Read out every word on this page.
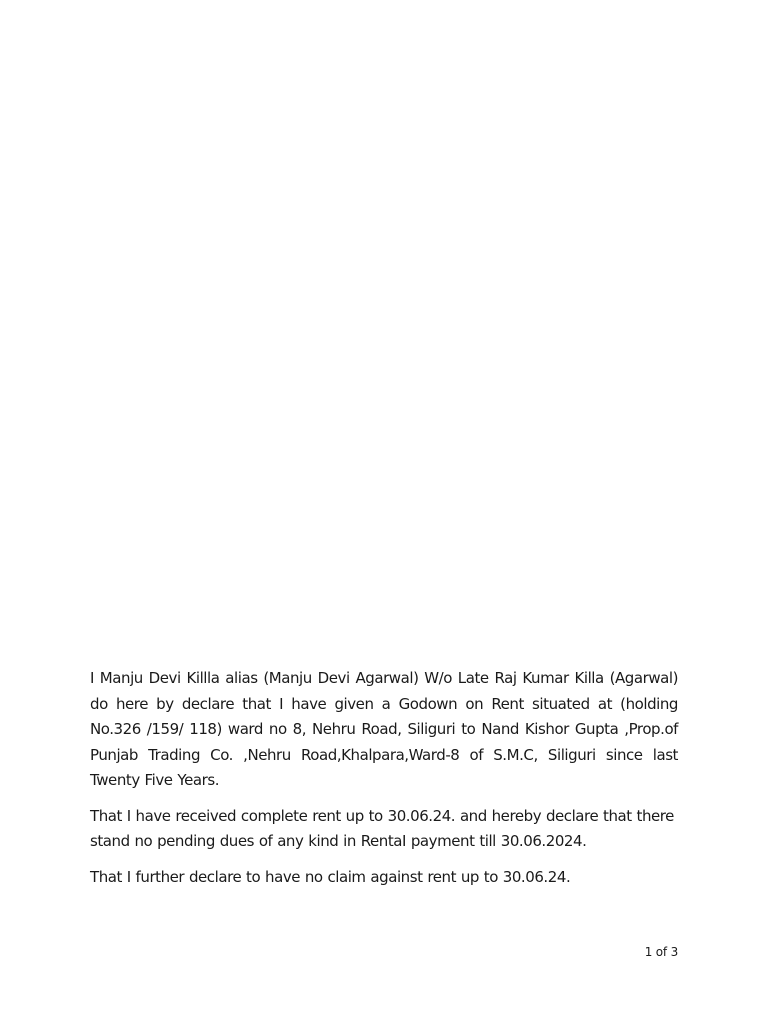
I Manju Devi Killla alias (Manju Devi Agarwal) W/o Late Raj Kumar Killa (Agarwal) do here by declare that I have given a Godown on Rent situated at (holding No.326 /159/ 118) ward no 8, Nehru Road, Siliguri to Nand Kishor Gupta ,Prop.of Punjab Trading Co. ,Nehru Road,Khalpara,Ward-8 of S.M.C, Siliguri since last Twenty Five Years.

That I have received complete rent up to 30.06.24. and hereby declare that there stand no pending dues of any kind in RentaI payment till 30.06.2024.

That I further declare to have no claim against rent up to 30.06.24.

1 of 3
